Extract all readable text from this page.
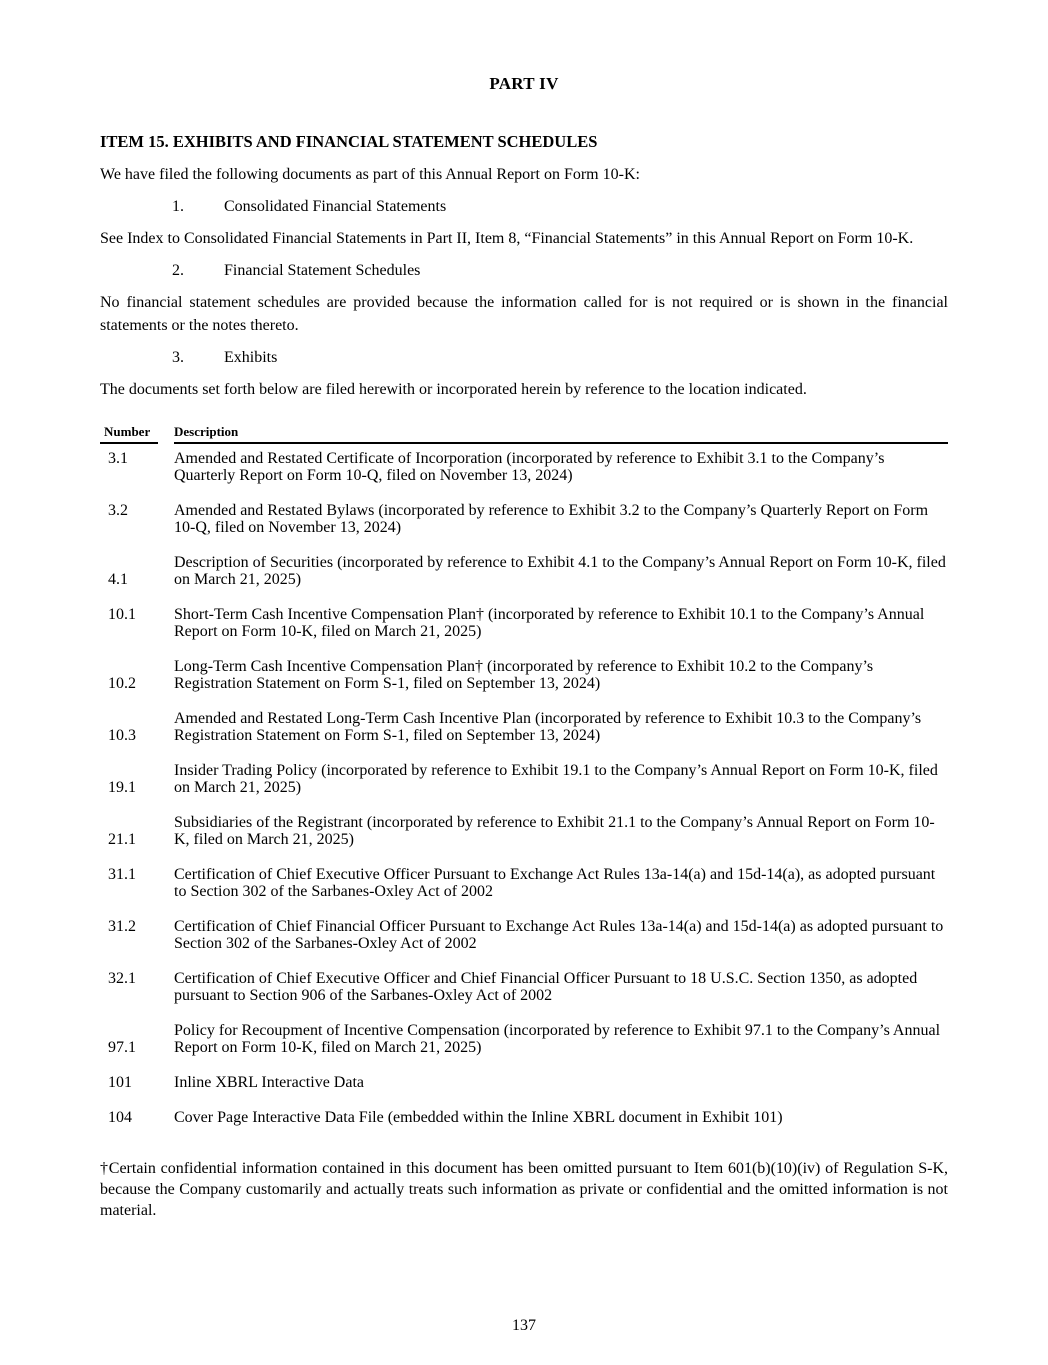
PART IV

ITEM 15. EXHIBITS AND FINANCIAL STATEMENT SCHEDULES

We have filed the following documents as part of this Annual Report on Form 10-K:

1.	Consolidated Financial Statements

See Index to Consolidated Financial Statements in Part II, Item 8, “Financial Statements” in this Annual Report on Form 10-K.

2.	Financial Statement Schedules

No financial statement schedules are provided because the information called for is not required or is shown in the financial statements or the notes thereto.

3.	Exhibits

The documents set forth below are filed herewith or incorporated herein by reference to the location indicated.

Number		Description
3.1		Amended and Restated Certificate of Incorporation (incorporated by reference to Exhibit 3.1 to the Company’s Quarterly Report on Form 10-Q, filed on November 13, 2024)
3.2		Amended and Restated Bylaws (incorporated by reference to Exhibit 3.2 to the Company’s Quarterly Report on Form 10-Q, filed on November 13, 2024)
4.1		Description of Securities (incorporated by reference to Exhibit 4.1 to the Company’s Annual Report on Form 10-K, filed on March 21, 2025)
10.1		Short-Term Cash Incentive Compensation Plan† (incorporated by reference to Exhibit 10.1 to the Company’s Annual Report on Form 10-K, filed on March 21, 2025)
10.2		Long-Term Cash Incentive Compensation Plan† (incorporated by reference to Exhibit 10.2 to the Company’s Registration Statement on Form S-1, filed on September 13, 2024)
10.3		Amended and Restated Long-Term Cash Incentive Plan (incorporated by reference to Exhibit 10.3 to the Company’s Registration Statement on Form S-1, filed on September 13, 2024)
19.1		Insider Trading Policy (incorporated by reference to Exhibit 19.1 to the Company’s Annual Report on Form 10-K, filed on March 21, 2025)
21.1		Subsidiaries of the Registrant (incorporated by reference to Exhibit 21.1 to the Company’s Annual Report on Form 10-K, filed on March 21, 2025)
31.1		Certification of Chief Executive Officer Pursuant to Exchange Act Rules 13a-14(a) and 15d-14(a), as adopted pursuant to Section 302 of the Sarbanes-Oxley Act of 2002
31.2		Certification of Chief Financial Officer Pursuant to Exchange Act Rules 13a-14(a) and 15d-14(a) as adopted pursuant to Section 302 of the Sarbanes-Oxley Act of 2002
32.1		Certification of Chief Executive Officer and Chief Financial Officer Pursuant to 18 U.S.C. Section 1350, as adopted pursuant to Section 906 of the Sarbanes-Oxley Act of 2002
97.1		Policy for Recoupment of Incentive Compensation (incorporated by reference to Exhibit 97.1 to the Company’s Annual Report on Form 10-K, filed on March 21, 2025)
101		Inline XBRL Interactive Data
104		Cover Page Interactive Data File (embedded within the Inline XBRL document in Exhibit 101)

†Certain confidential information contained in this document has been omitted pursuant to Item 601(b)(10)(iv) of Regulation S-K, because the Company customarily and actually treats such information as private or confidential and the omitted information is not material.

137
